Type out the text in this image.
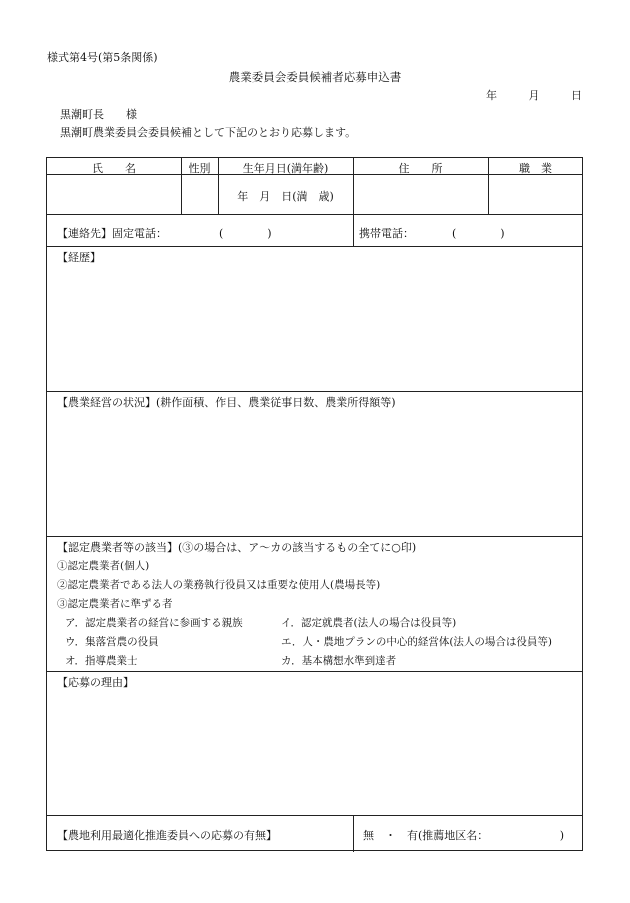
様式第4号(第5条関係)
農業委員会委員候補者応募申込書
年	月	日
黒潮町長　　様
黒潮町農業委員会委員候補として下記のとおり応募します。
氏　　名	性別	生年月日(満年齢)	住　　所	職　業
年　月　日(満　歳)
【連絡先】固定電話：	(　　　　)	携帯電話：	(　　　　)
【経歴】
【農業経営の状況】(耕作面積、作目、農業従事日数、農業所得額等)
【認定農業者等の該当】(③の場合は、ア～カの該当するもの全てに○印)
①認定農業者(個人)
②認定農業者である法人の業務執行役員又は重要な使用人(農場長等)
③認定農業者に準ずる者
ア．認定農業者の経営に参画する親族	イ．認定就農者(法人の場合は役員等)
ウ．集落営農の役員	エ．人・農地プランの中心的経営体(法人の場合は役員等)
オ．指導農業士	カ．基本構想水準到達者
【応募の理由】
【農地利用最適化推進委員への応募の有無】	無　・　有(推薦地区名：　　　　　　　)
